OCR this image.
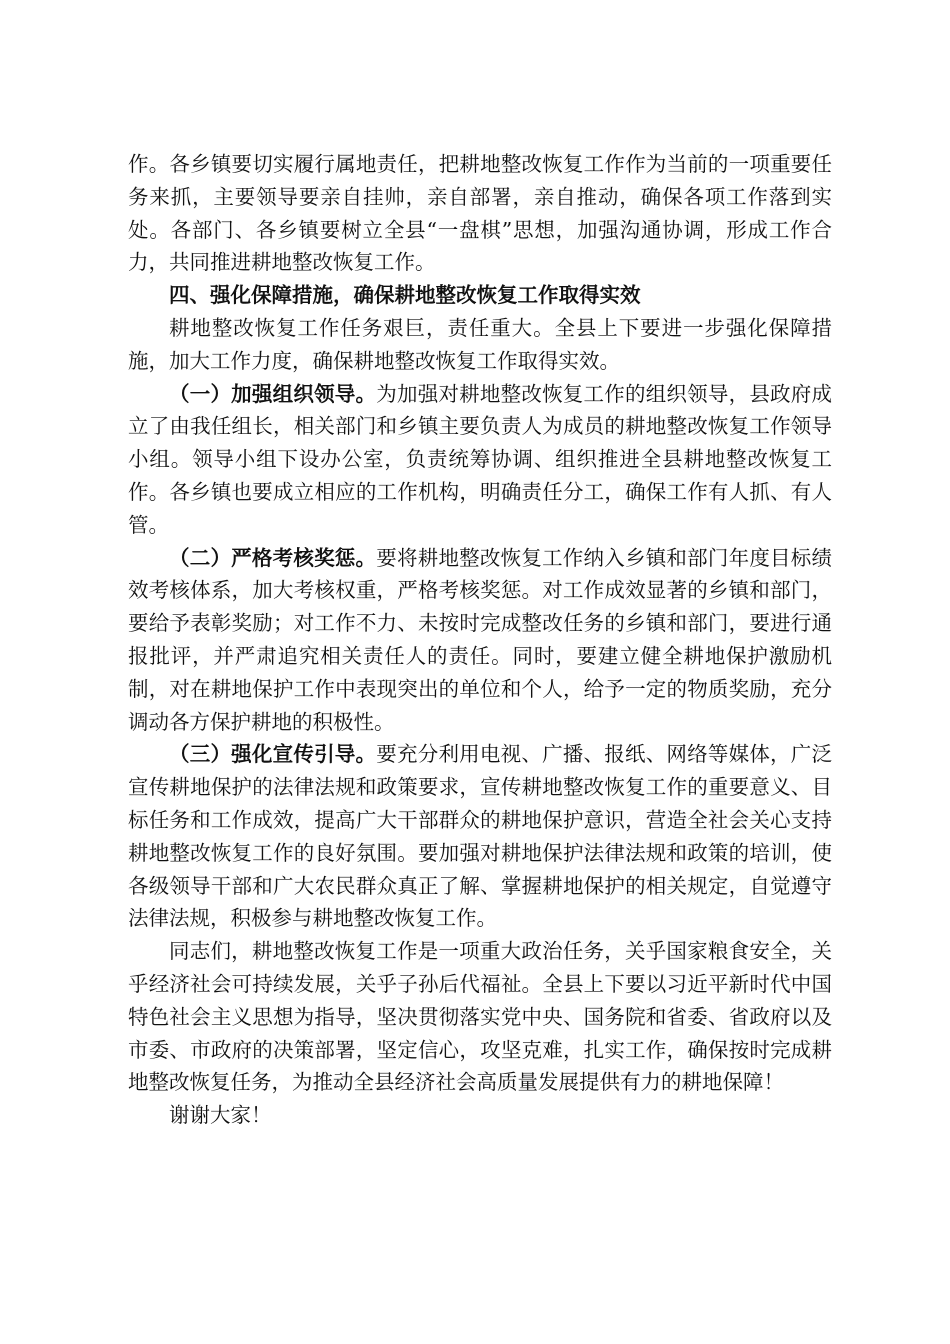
作。各乡镇要切实履行属地责任，把耕地整改恢复工作作为当前的一项重要任务来抓，主要领导要亲自挂帅，亲自部署，亲自推动，确保各项工作落到实处。各部门、各乡镇要树立全县“一盘棋”思想，加强沟通协调，形成工作合力，共同推进耕地整改恢复工作。

四、强化保障措施，确保耕地整改恢复工作取得实效

耕地整改恢复工作任务艰巨，责任重大。全县上下要进一步强化保障措施，加大工作力度，确保耕地整改恢复工作取得实效。

（一）加强组织领导。为加强对耕地整改恢复工作的组织领导，县政府成立了由我任组长，相关部门和乡镇主要负责人为成员的耕地整改恢复工作领导小组。领导小组下设办公室，负责统筹协调、组织推进全县耕地整改恢复工作。各乡镇也要成立相应的工作机构，明确责任分工，确保工作有人抓、有人管。

（二）严格考核奖惩。要将耕地整改恢复工作纳入乡镇和部门年度目标绩效考核体系，加大考核权重，严格考核奖惩。对工作成效显著的乡镇和部门，要给予表彰奖励；对工作不力、未按时完成整改任务的乡镇和部门，要进行通报批评，并严肃追究相关责任人的责任。同时，要建立健全耕地保护激励机制，对在耕地保护工作中表现突出的单位和个人，给予一定的物质奖励，充分调动各方保护耕地的积极性。

（三）强化宣传引导。要充分利用电视、广播、报纸、网络等媒体，广泛宣传耕地保护的法律法规和政策要求，宣传耕地整改恢复工作的重要意义、目标任务和工作成效，提高广大干部群众的耕地保护意识，营造全社会关心支持耕地整改恢复工作的良好氛围。要加强对耕地保护法律法规和政策的培训，使各级领导干部和广大农民群众真正了解、掌握耕地保护的相关规定，自觉遵守法律法规，积极参与耕地整改恢复工作。

同志们，耕地整改恢复工作是一项重大政治任务，关乎国家粮食安全，关乎经济社会可持续发展，关乎子孙后代福祉。全县上下要以习近平新时代中国特色社会主义思想为指导，坚决贯彻落实党中央、国务院和省委、省政府以及市委、市政府的决策部署，坚定信心，攻坚克难，扎实工作，确保按时完成耕地整改恢复任务，为推动全县经济社会高质量发展提供有力的耕地保障！

谢谢大家！
